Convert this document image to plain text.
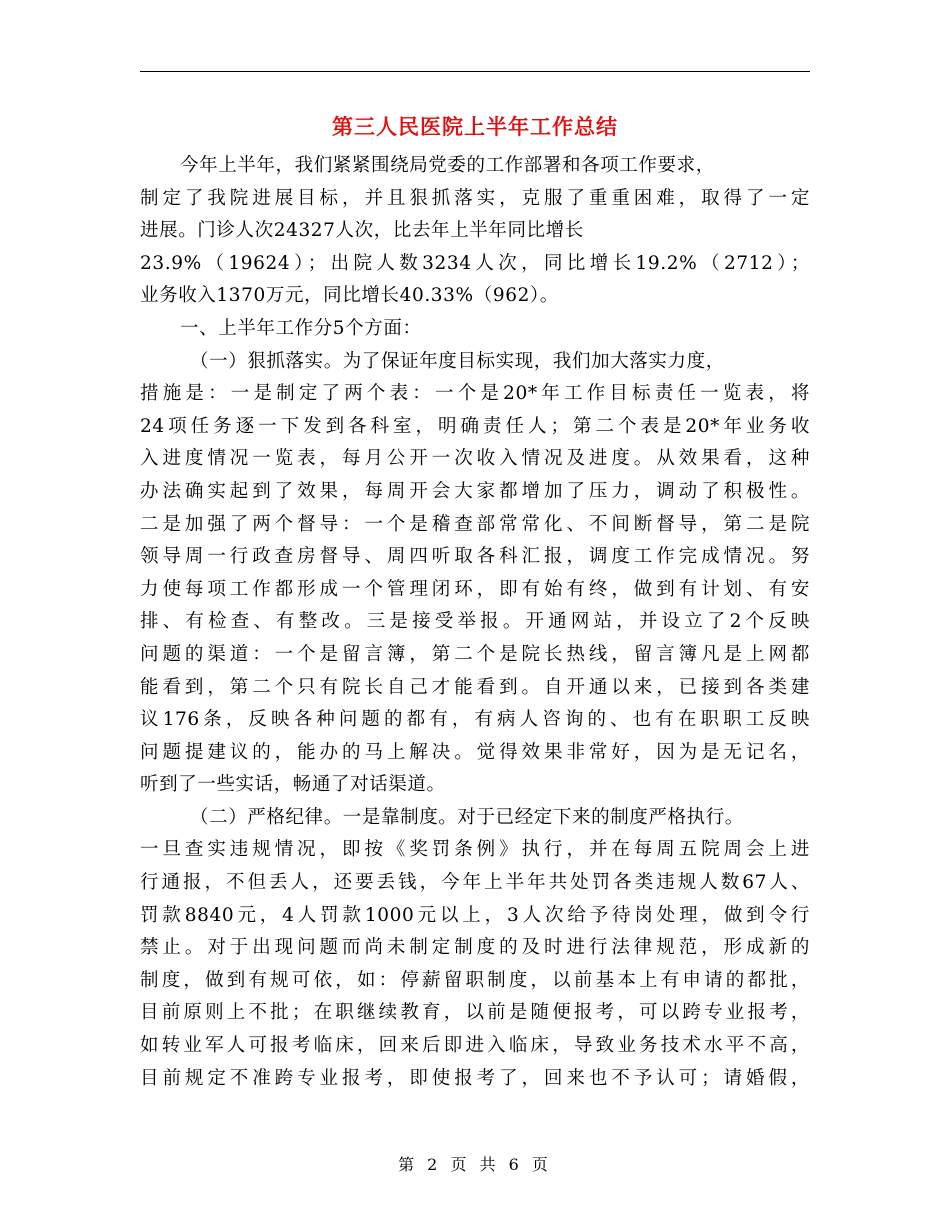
第三人民医院上半年工作总结
今年上半年，我们紧紧围绕局党委的工作部署和各项工作要求，
制定了我院进展目标，并且狠抓落实，克服了重重困难，取得了一定
进展。门诊人次24327人次，比去年上半年同比增长
23.9%（19624）；出院人数3234人次，同比增长19.2%（2712）；
业务收入1370万元，同比增长40.33%（962）。
一、上半年工作分5个方面：
（一）狠抓落实。为了保证年度目标实现，我们加大落实力度，
措施是：一是制定了两个表：一个是20*年工作目标责任一览表，将
24项任务逐一下发到各科室，明确责任人；第二个表是20*年业务收
入进度情况一览表，每月公开一次收入情况及进度。从效果看，这种
办法确实起到了效果，每周开会大家都增加了压力，调动了积极性。
二是加强了两个督导：一个是稽查部常常化、不间断督导，第二是院
领导周一行政查房督导、周四听取各科汇报，调度工作完成情况。努
力使每项工作都形成一个管理闭环，即有始有终，做到有计划、有安
排、有检查、有整改。三是接受举报。开通网站，并设立了2个反映
问题的渠道：一个是留言簿，第二个是院长热线，留言簿凡是上网都
能看到，第二个只有院长自己才能看到。自开通以来，已接到各类建
议176条，反映各种问题的都有，有病人咨询的、也有在职职工反映
问题提建议的，能办的马上解决。觉得效果非常好，因为是无记名，
听到了一些实话，畅通了对话渠道。
（二）严格纪律。一是靠制度。对于已经定下来的制度严格执行。
一旦查实违规情况，即按《奖罚条例》执行，并在每周五院周会上进
行通报，不但丢人，还要丢钱，今年上半年共处罚各类违规人数67人、
罚款8840元，4人罚款1000元以上，3人次给予待岗处理，做到令行
禁止。对于出现问题而尚未制定制度的及时进行法律规范，形成新的
制度，做到有规可依，如：停薪留职制度，以前基本上有申请的都批，
目前原则上不批；在职继续教育，以前是随便报考，可以跨专业报考，
如转业军人可报考临床，回来后即进入临床，导致业务技术水平不高，
目前规定不准跨专业报考，即使报考了，回来也不予认可；请婚假，
第 2 页 共 6 页
